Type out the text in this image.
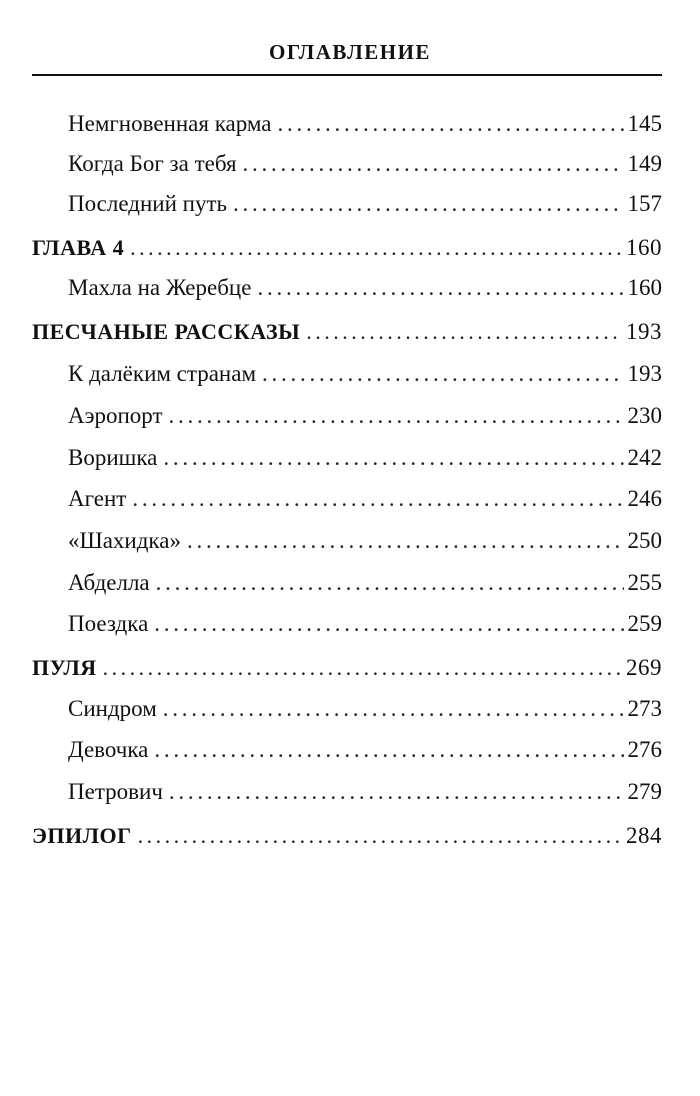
ОГЛАВЛЕНИЕ
Немгновенная карма . . .	145
Когда Бог за тебя . . .	149
Последний путь . . .	157
ГЛАВА 4 . . .	160
Махла на Жеребце . . .	160
ПЕСЧАНЫЕ РАССКАЗЫ . . .	193
К далёким странам . . .	193
Аэропорт . . .	230
Воришка . . .	242
Агент . . .	246
«Шахидка» . . .	250
Абделла . . .	255
Поездка . . .	259
ПУЛЯ . . .	269
Синдром . . .	273
Девочка . . .	276
Петрович . . .	279
ЭПИЛОГ . . .	284
